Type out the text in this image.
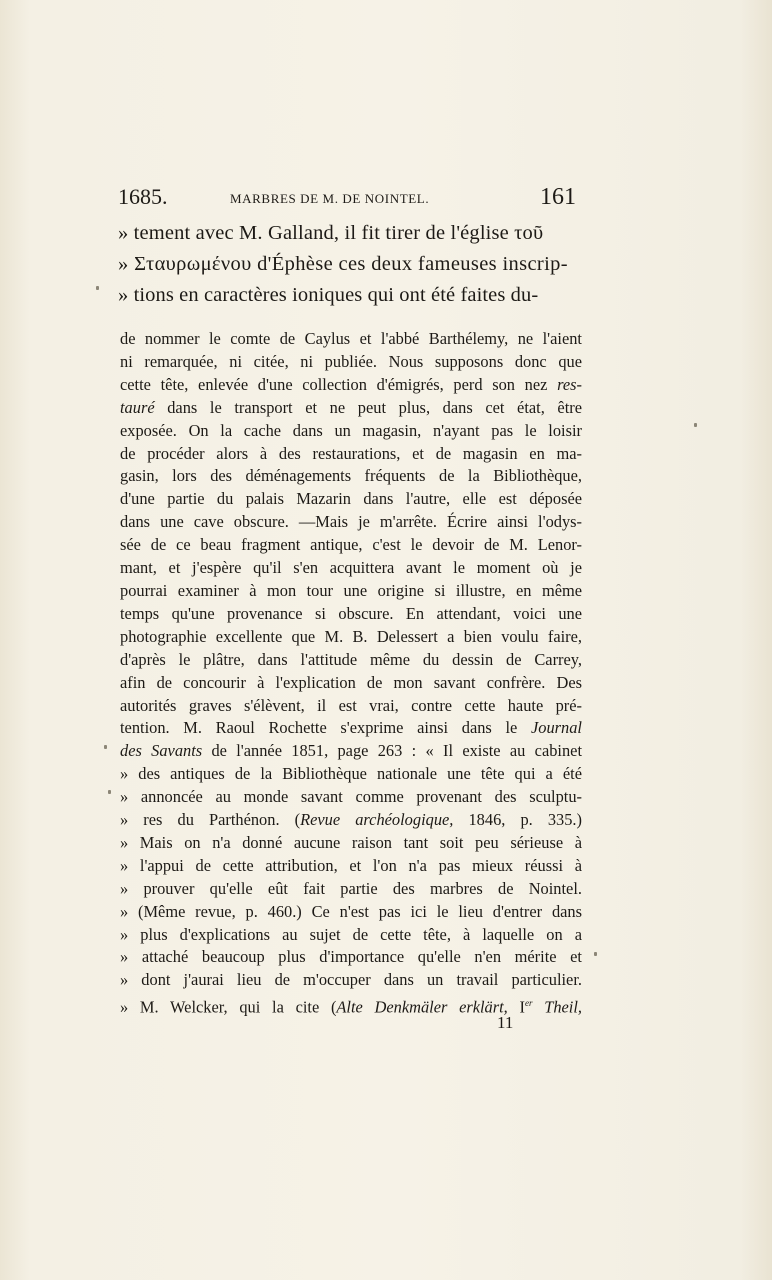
1685.	MARBRES DE M. DE NOINTEL.	161
» tement avec M. Galland, il fit tirer de l'église τοῦ
» Σταυρωμένου d'Éphèse ces deux fameuses inscrip-
» tions en caractères ioniques qui ont été faites du-
de nommer le comte de Caylus et l'abbé Barthélemy, ne l'aient
ni remarquée, ni citée, ni publiée. Nous supposons donc que
cette tête, enlevée d'une collection d'émigrés, perd son nez res-
tauré dans le transport et ne peut plus, dans cet état, être
exposée. On la cache dans un magasin, n'ayant pas le loisir
de procéder alors à des restaurations, et de magasin en ma-
gasin, lors des déménagements fréquents de la Bibliothèque,
d'une partie du palais Mazarin dans l'autre, elle est déposée
dans une cave obscure. —Mais je m'arrête. Écrire ainsi l'odys-
sée de ce beau fragment antique, c'est le devoir de M. Lenor-
mant, et j'espère qu'il s'en acquittera avant le moment où je
pourrai examiner à mon tour une origine si illustre, en même
temps qu'une provenance si obscure. En attendant, voici une
photographie excellente que M. B. Delessert a bien voulu faire,
d'après le plâtre, dans l'attitude même du dessin de Carrey,
afin de concourir à l'explication de mon savant confrère. Des
autorités graves s'élèvent, il est vrai, contre cette haute pré-
tention. M. Raoul Rochette s'exprime ainsi dans le Journal
des Savants de l'année 1851, page 263 : « Il existe au cabinet
» des antiques de la Bibliothèque nationale une tête qui a été
» annoncée au monde savant comme provenant des sculptu-
» res du Parthénon. (Revue archéologique, 1846, p. 335.)
» Mais on n'a donné aucune raison tant soit peu sérieuse à
» l'appui de cette attribution, et l'on n'a pas mieux réussi à
» prouver qu'elle eût fait partie des marbres de Nointel.
» (Même revue, p. 460.) Ce n'est pas ici le lieu d'entrer dans
» plus d'explications au sujet de cette tête, à laquelle on a
» attaché beaucoup plus d'importance qu'elle n'en mérite et
» dont j'aurai lieu de m'occuper dans un travail particulier.
» M. Welcker, qui la cite (Alte Denkmäler erklärt, Ier Theil,
11
